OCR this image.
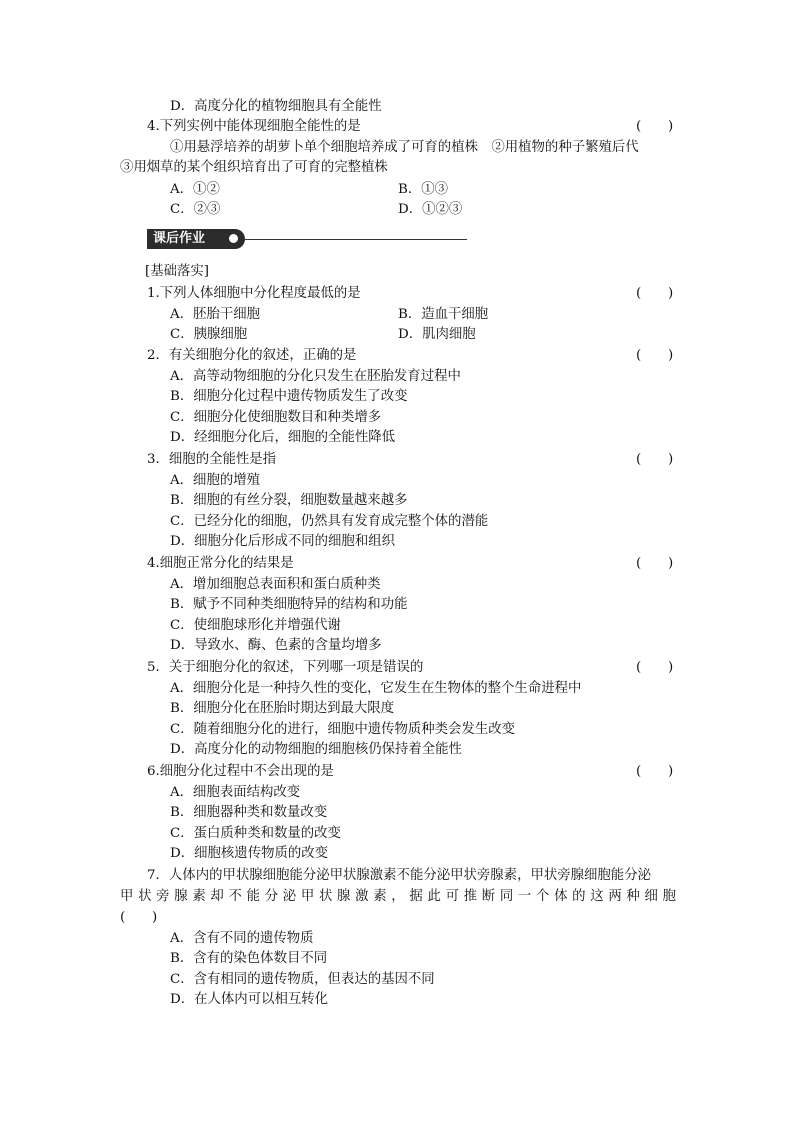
D．高度分化的植物细胞具有全能性
4.下列实例中能体现细胞全能性的是	(　　)
①用悬浮培养的胡萝卜单个细胞培养成了可育的植株　②用植物的种子繁殖后代
③用烟草的某个组织培育出了可育的完整植株
A．①②	B．①③
C．②③	D．①②③
课后作业
[基础落实]
1.下列人体细胞中分化程度最低的是	(　　)
A．胚胎干细胞	B．造血干细胞
C．胰腺细胞	D．肌肉细胞
2．有关细胞分化的叙述，正确的是	(　　)
A．高等动物细胞的分化只发生在胚胎发育过程中
B．细胞分化过程中遗传物质发生了改变
C．细胞分化使细胞数目和种类增多
D．经细胞分化后，细胞的全能性降低
3．细胞的全能性是指	(　　)
A．细胞的增殖
B．细胞的有丝分裂，细胞数量越来越多
C．已经分化的细胞，仍然具有发育成完整个体的潜能
D．细胞分化后形成不同的细胞和组织
4.细胞正常分化的结果是	(　　)
A．增加细胞总表面积和蛋白质种类
B．赋予不同种类细胞特异的结构和功能
C．使细胞球形化并增强代谢
D．导致水、酶、色素的含量均增多
5．关于细胞分化的叙述，下列哪一项是错误的	(　　)
A．细胞分化是一种持久性的变化，它发生在生物体的整个生命进程中
B．细胞分化在胚胎时期达到最大限度
C．随着细胞分化的进行，细胞中遗传物质种类会发生改变
D．高度分化的动物细胞的细胞核仍保持着全能性
6.细胞分化过程中不会出现的是	(　　)
A．细胞表面结构改变
B．细胞器种类和数量改变
C．蛋白质种类和数量的改变
D．细胞核遗传物质的改变
7．人体内的甲状腺细胞能分泌甲状腺激素不能分泌甲状旁腺素，甲状旁腺细胞能分泌
甲状旁腺素却不能分泌甲状腺激素，据此可推断同一个体的这两种细胞
(　　)
A．含有不同的遗传物质
B．含有的染色体数目不同
C．含有相同的遗传物质，但表达的基因不同
D．在人体内可以相互转化
